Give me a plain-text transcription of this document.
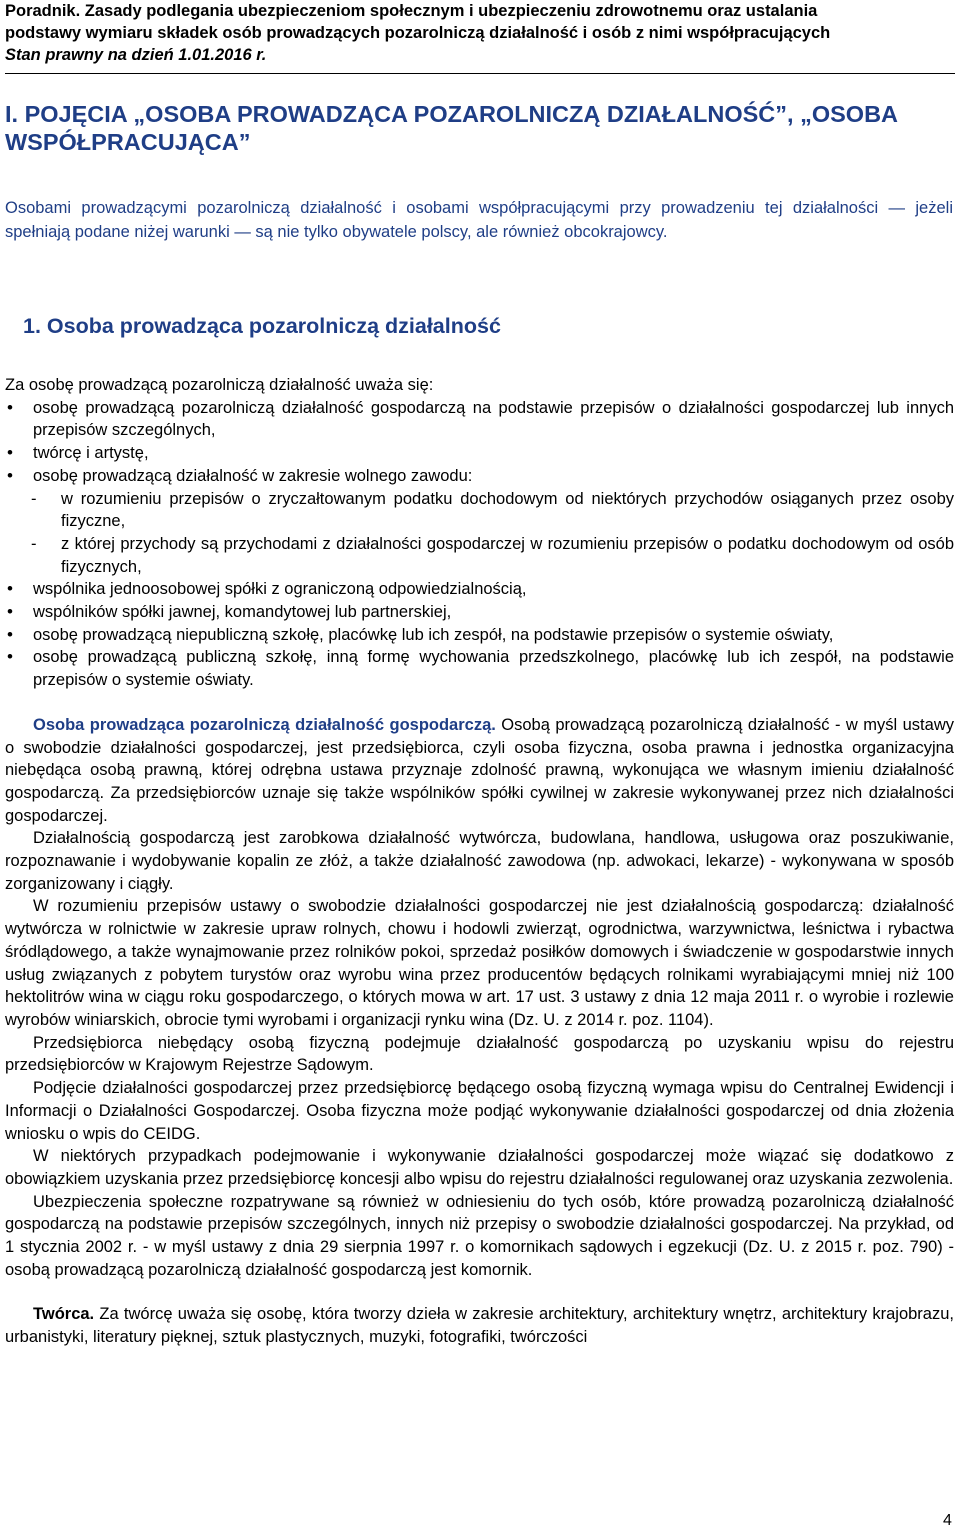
Poradnik. Zasady podlegania ubezpieczeniom społecznym i ubezpieczeniu zdrowotnemu oraz ustalania
podstawy wymiaru składek osób prowadzących pozarolniczą działalność i osób z nimi współpracujących
Stan prawny na dzień 1.01.2016 r.
I. POJĘCIA „OSOBA PROWADZĄCA POZAROLNICZĄ DZIAŁALNOŚĆ”, „OSOBA WSPÓŁPRACUJĄCA”
Osobami prowadzącymi pozarolniczą działalność i osobami współpracującymi przy prowadzeniu tej działalności — jeżeli spełniają podane niżej warunki — są nie tylko obywatele polscy, ale również obcokrajowcy.
1. Osoba prowadząca pozarolniczą działalność

Za osobę prowadzącą pozarolniczą działalność uważa się:

• osobę prowadzącą pozarolniczą działalność gospodarczą na podstawie przepisów o działalności gospodarczej lub innych przepisów szczególnych,
• twórcę i artystę,
• osobę prowadzącą działalność w zakresie wolnego zawodu:
- w rozumieniu przepisów o zryczałtowanym podatku dochodowym od niektórych przychodów osiąganych przez osoby fizyczne,
- z której przychody są przychodami z działalności gospodarczej w rozumieniu przepisów o podatku dochodowym od osób fizycznych,
• wspólnika jednoosobowej spółki z ograniczoną odpowiedzialnością,
• wspólników spółki jawnej, komandytowej lub partnerskiej,
• osobę prowadzącą niepubliczną szkołę, placówkę lub ich zespół, na podstawie przepisów o systemie oświaty,
• osobę prowadzącą publiczną szkołę, inną formę wychowania przedszkolnego, placówkę lub ich zespół, na podstawie przepisów o systemie oświaty.

Osoba prowadząca pozarolniczą działalność gospodarczą. Osobą prowadzącą pozarolniczą działalność - w myśl ustawy o swobodzie działalności gospodarczej, jest przedsiębiorca, czyli osoba fizyczna, osoba prawna i jednostka organizacyjna niebędąca osobą prawną, której odrębna ustawa przyznaje zdolność prawną, wykonująca we własnym imieniu działalność gospodarczą. Za przedsiębiorców uznaje się także wspólników spółki cywilnej w zakresie wykonywanej przez nich działalności gospodarczej.

Działalnością gospodarczą jest zarobkowa działalność wytwórcza, budowlana, handlowa, usługowa oraz poszukiwanie, rozpoznawanie i wydobywanie kopalin ze złóż, a także działalność zawodowa (np. adwokaci, lekarze) - wykonywana w sposób zorganizowany i ciągły.

W rozumieniu przepisów ustawy o swobodzie działalności gospodarczej nie jest działalnością gospodarczą: działalność wytwórcza w rolnictwie w zakresie upraw rolnych, chowu i hodowli zwierząt, ogrodnictwa, warzywnictwa, leśnictwa i rybactwa śródlądowego, a także wynajmowanie przez rolników pokoi, sprzedaż posiłków domowych i świadczenie w gospodarstwie innych usług związanych z pobytem turystów oraz wyrobu wina przez producentów będących rolnikami wyrabiającymi mniej niż 100 hektolitrów wina w ciągu roku gospodarczego, o których mowa w art. 17 ust. 3 ustawy z dnia 12 maja 2011 r. o wyrobie i rozlewie wyrobów winiarskich, obrocie tymi wyrobami i organizacji rynku wina (Dz. U. z 2014 r. poz. 1104).

Przedsiębiorca niebędący osobą fizyczną podejmuje działalność gospodarczą po uzyskaniu wpisu do rejestru przedsiębiorców w Krajowym Rejestrze Sądowym.

Podjęcie działalności gospodarczej przez przedsiębiorcę będącego osobą fizyczną wymaga wpisu do Centralnej Ewidencji i Informacji o Działalności Gospodarczej. Osoba fizyczna może podjąć wykonywanie działalności gospodarczej od dnia złożenia wniosku o wpis do CEIDG.

W niektórych przypadkach podejmowanie i wykonywanie działalności gospodarczej może wiązać się dodatkowo z obowiązkiem uzyskania przez przedsiębiorcę koncesji albo wpisu do rejestru działalności regulowanej oraz uzyskania zezwolenia.

Ubezpieczenia społeczne rozpatrywane są również w odniesieniu do tych osób, które prowadzą pozarolniczą działalność gospodarczą na podstawie przepisów szczególnych, innych niż przepisy o swobodzie działalności gospodarczej. Na przykład, od 1 stycznia 2002 r. - w myśl ustawy z dnia 29 sierpnia 1997 r. o komornikach sądowych i egzekucji (Dz. U. z 2015 r. poz. 790) - osobą prowadzącą pozarolniczą działalność gospodarczą jest komornik.

Twórca. Za twórcę uważa się osobę, która tworzy dzieła w zakresie architektury, architektury wnętrz, architektury krajobrazu, urbanistyki, literatury pięknej, sztuk plastycznych, muzyki, fotografiki, twórczości

4
